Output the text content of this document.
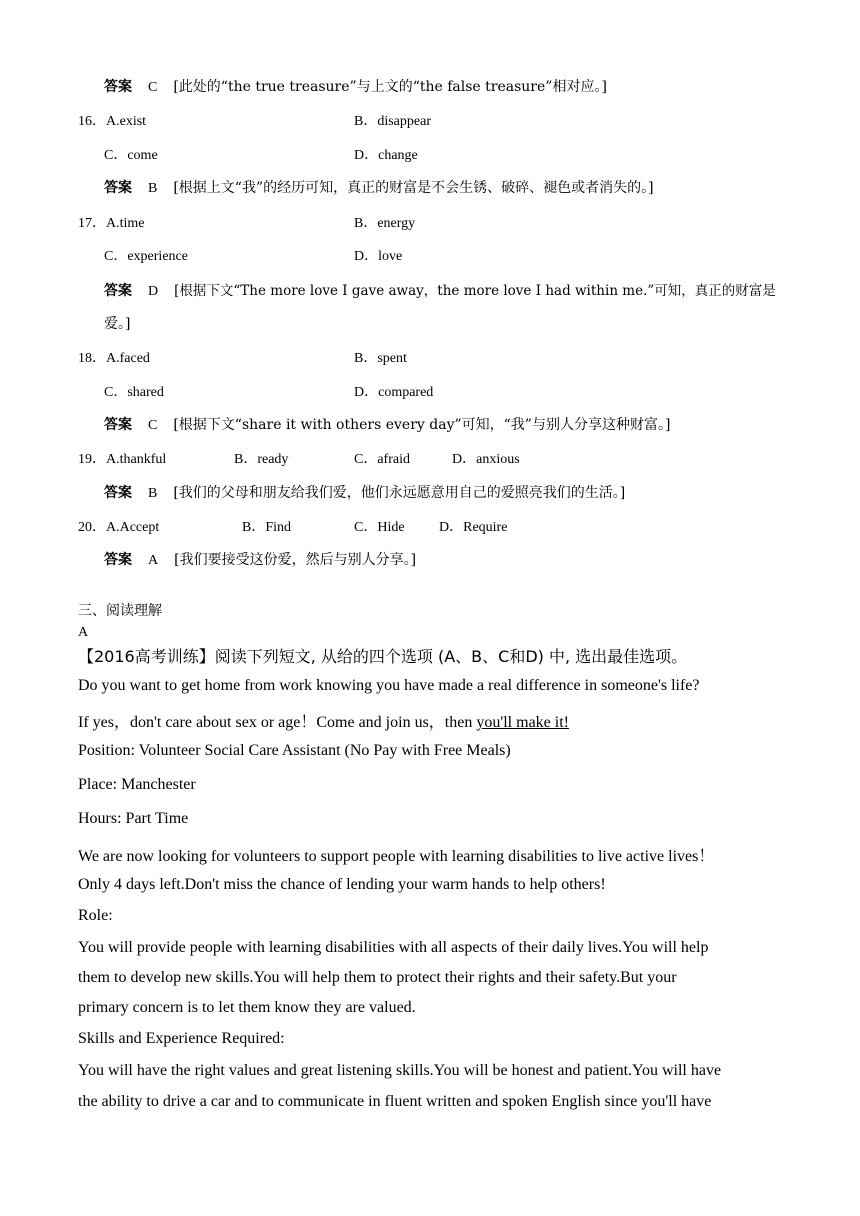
答案 C [此处的“the true treasure”与上文的“the false treasure”相对应。]
16．A.exist	B．disappear
C．come	D．change
答案 B [根据上文“我”的经历可知，真正的财富是不会生锈、破碎、褪色或者消失的。]
17．A.time	B．energy
C．experience	D．love
答案 D [根据下文“The more love I gave away，the more love I had within me.”可知，真正的财富是
爱。]
18．A.faced	B．spent
C．shared	D．compared
答案 C [根据下文“share it with others every day”可知，“我”与别人分享这种财富。]
19．A.thankful	B．ready	C．afraid	D．anxious
答案 B [我们的父母和朋友给我们爱，他们永远愿意用自己的爱照亮我们的生活。]
20．A.Accept	B．Find	C．Hide D．Require
答案 A [我们要接受这份爱，然后与别人分享。]
三、阅读理解
A
【2016高考训练】阅读下列短文, 从给的四个选项 (A、B、C和D) 中, 选出最佳选项。
Do you want to get home from work knowing you have made a real difference in someone's life?
If yes，don't care about sex or age！Come and join us，then you'll make it!
Position: Volunteer Social Care Assistant (No Pay with Free Meals)
Place: Manchester
Hours: Part Time
We are now looking for volunteers to support people with learning disabilities to live active lives！
Only 4 days left.Don't miss the chance of lending your warm hands to help others!
Role:
You will provide people with learning disabilities with all aspects of their daily lives.You will help
them to develop new skills.You will help them to protect their rights and their safety.But your
primary concern is to let them know they are valued.
Skills and Experience Required:
You will have the right values and great listening skills.You will be honest and patient.You will have
the ability to drive a car and to communicate in fluent written and spoken English since you'll have
